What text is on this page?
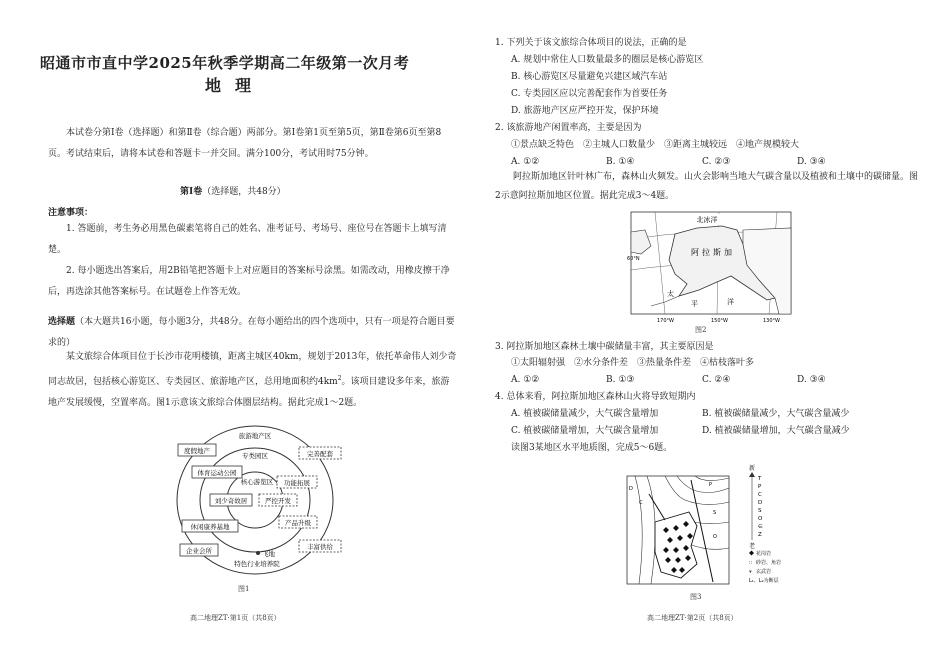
昭通市市直中学2025年秋季学期高二年级第一次月考
地理
本试卷分第Ⅰ卷（选择题）和第Ⅱ卷（综合题）两部分。第Ⅰ卷第1页至第5页，第Ⅱ卷第6页至第8页。考试结束后，请将本试卷和答题卡一并交回。满分100分，考试用时75分钟。
第Ⅰ卷（选择题，共48分）
注意事项：
1. 答题前，考生务必用黑色碳素笔将自己的姓名、准考证号、考场号、座位号在答题卡上填写清楚。
2. 每小题选出答案后，用2B铅笔把答题卡上对应题目的答案标号涂黑。如需改动，用橡皮擦干净后，再选涂其他答案标号。在试题卷上作答无效。
选择题（本大题共16小题，每小题3分，共48分。在每小题给出的四个选项中，只有一项是符合题目要求的）
某文旅综合体项目位于长沙市花明楼镇，距离主城区40km，规划于2013年，依托革命伟人刘少奇同志故居，包括核心游览区、专类园区、旅游地产区，总用地面积约$4km^2$。该项目建设多年来，旅游地产发展缓慢，空置率高。图1示意该文旅综合体圈层结构。据此完成1～2题。
旅游地产区
专类园区
核心游览区
度假地产
体育运动公园
刘少奇故居
休闲康养基地
企业会所	飞地
特色行业培养院
完善配套
功能拓展
严控开发
产品升级
丰富供给
图1
高二地理ZT·第1页（共8页）
1. 下列关于该文旅综合体项目的说法，正确的是
A. 规划中常住人口数量最多的圈层是核心游览区
B. 核心游览区尽量避免兴建区域汽车站
C. 专类园区应以完善配套作为首要任务
D. 旅游地产区应严控开发，保护环境
2. 该旅游地产闲置率高，主要是因为
①景点缺乏特色　②主城人口数量少　③距离主城较远　④地产规模较大
A. ①②	B. ①④	C. ②③	D. ③④
阿拉斯加地区针叶林广布，森林山火频发。山火会影响当地大气碳含量以及植被和土壤中的碳储量。图2示意阿拉斯加地区位置。据此完成3～4题。
北冰洋
阿拉斯加
太
平	洋
60°N
170°W	150°W	130°W
图2
3. 阿拉斯加地区森林土壤中碳储量丰富，其主要原因是
①太阳辐射强　②水分条件差　③热量条件差　④枯枝落叶多
A. ①②	B. ①③	C. ②④	D. ③④
4. 总体来看，阿拉斯加地区森林山火将导致短期内
A. 植被碳储量减少，大气碳含量增加	B. 植被碳储量减少，大气碳含量减少
C. 植被碳储量增加，大气碳含量增加	D. 植被碳储量增加，大气碳含量减少
读图3某地区水平地质图，完成5～6题。
D
C
P
S
O
新
T
P
C
D
S
O
∈
Z
老
花岗岩
∷ 砂岩、角岩
⩔ 玄武岩
L₁、L₂为断层
图3
高二地理ZT·第2页（共8页）
